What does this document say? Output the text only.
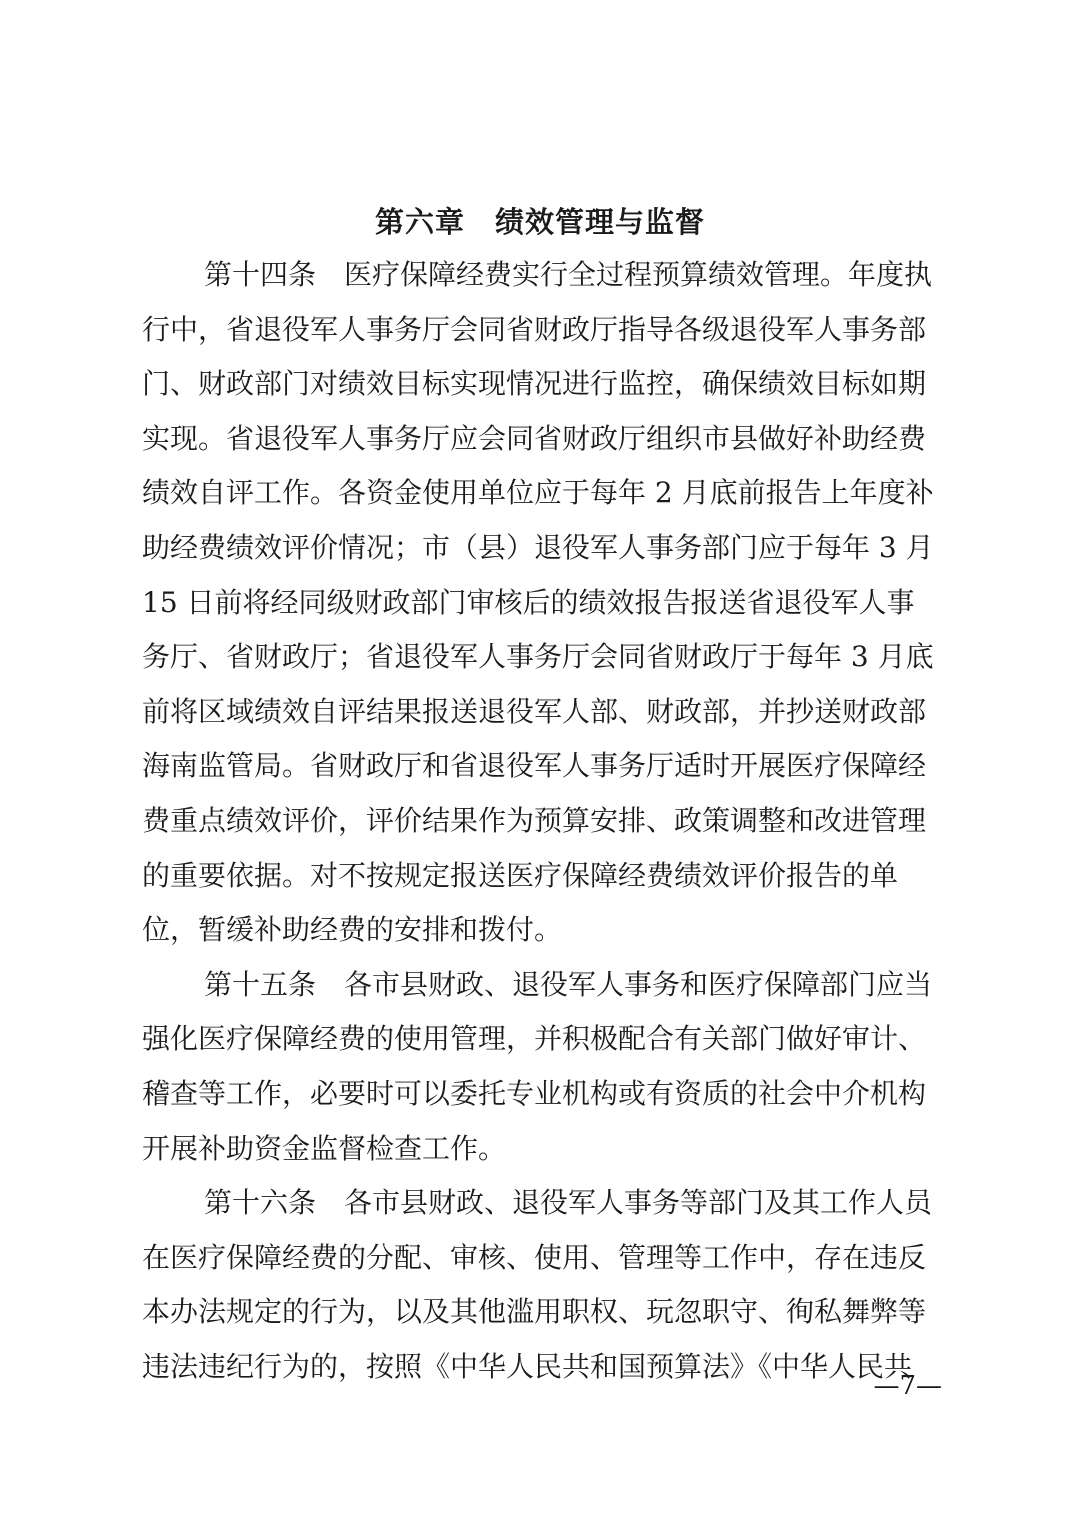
第六章　绩效管理与监督
第十四条　医疗保障经费实行全过程预算绩效管理。年度执
行中，省退役军人事务厅会同省财政厅指导各级退役军人事务部
门、财政部门对绩效目标实现情况进行监控，确保绩效目标如期
实现。省退役军人事务厅应会同省财政厅组织市县做好补助经费
绩效自评工作。各资金使用单位应于每年 2 月底前报告上年度补
助经费绩效评价情况；市（县）退役军人事务部门应于每年 3 月
15 日前将经同级财政部门审核后的绩效报告报送省退役军人事
务厅、省财政厅；省退役军人事务厅会同省财政厅于每年 3 月底
前将区域绩效自评结果报送退役军人部、财政部，并抄送财政部
海南监管局。省财政厅和省退役军人事务厅适时开展医疗保障经
费重点绩效评价，评价结果作为预算安排、政策调整和改进管理
的重要依据。对不按规定报送医疗保障经费绩效评价报告的单
位，暂缓补助经费的安排和拨付。
第十五条　各市县财政、退役军人事务和医疗保障部门应当
强化医疗保障经费的使用管理，并积极配合有关部门做好审计、
稽查等工作，必要时可以委托专业机构或有资质的社会中介机构
开展补助资金监督检查工作。
第十六条　各市县财政、退役军人事务等部门及其工作人员
在医疗保障经费的分配、审核、使用、管理等工作中，存在违反
本办法规定的行为，以及其他滥用职权、玩忽职守、徇私舞弊等
违法违纪行为的，按照《中华人民共和国预算法》《中华人民共
—7—
